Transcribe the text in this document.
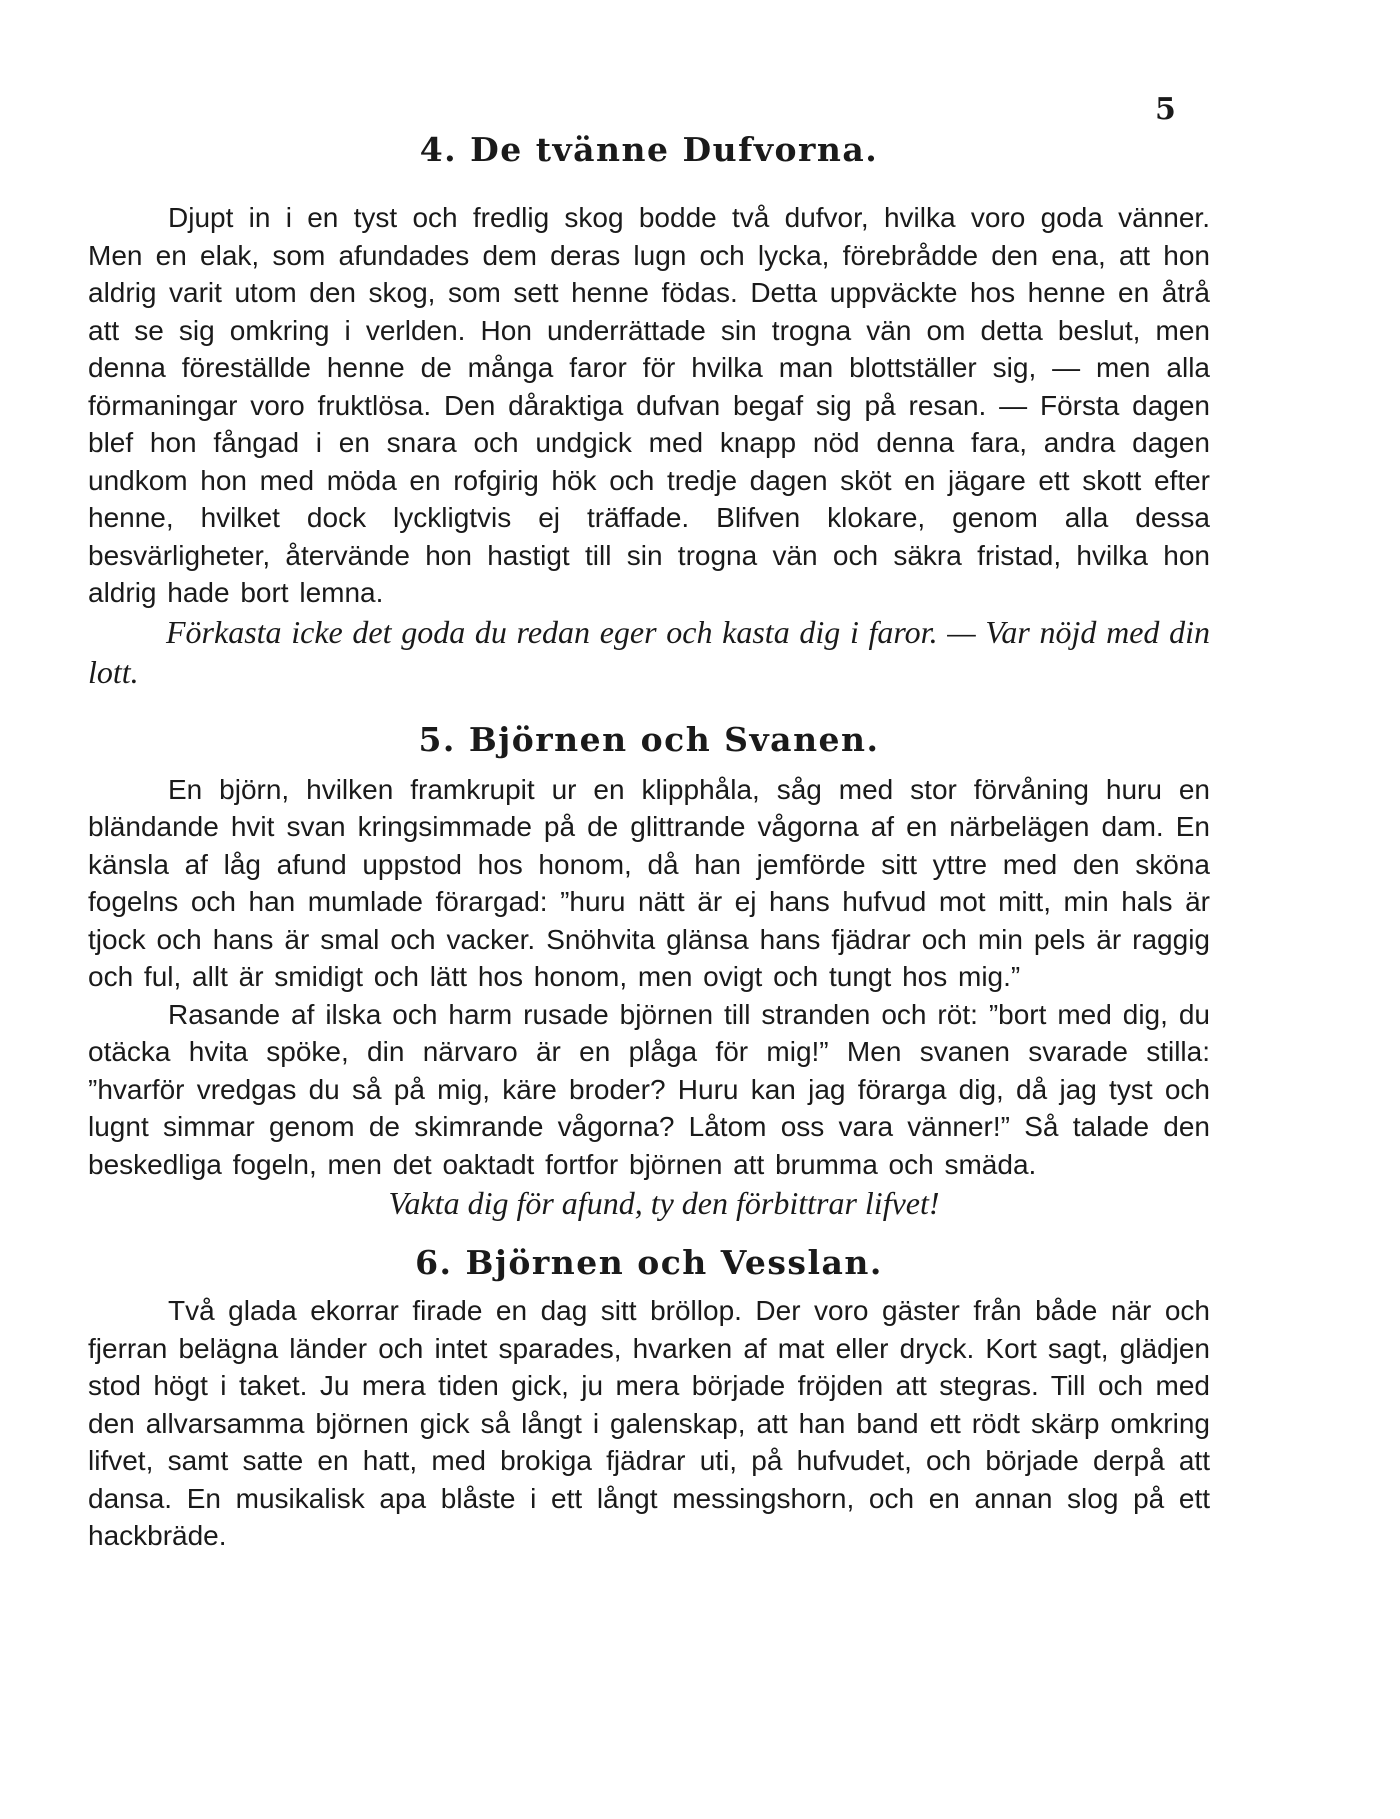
5
4. De tvänne Dufvorna.

Djupt in i en tyst och fredlig skog bodde två dufvor, hvilka voro goda vänner. Men en elak, som afundades dem deras lugn och lycka, förebrådde den ena, att hon aldrig varit utom den skog, som sett henne födas. Detta uppväckte hos henne en åtrå att se sig omkring i verlden. Hon underrättade sin trogna vän om detta beslut, men denna föreställde henne de många faror för hvilka man blottställer sig, — men alla förmaningar voro fruktlösa. Den dåraktiga dufvan begaf sig på resan. — Första dagen blef hon fångad i en snara och undgick med knapp nöd denna fara, andra dagen undkom hon med möda en rofgirig hök och tredje dagen sköt en jägare ett skott efter henne, hvilket dock lyckligtvis ej träffade. Blifven klokare, genom alla dessa besvärligheter, återvände hon hastigt till sin trogna vän och säkra fristad, hvilka hon aldrig hade bort lemna.

Förkasta icke det goda du redan eger och kasta dig i faror. — Var nöjd med din lott.

5. Björnen och Svanen.

En björn, hvilken framkrupit ur en klipphåla, såg med stor förvåning huru en bländande hvit svan kringsimmade på de glittrande vågorna af en närbelägen dam. En känsla af låg afund uppstod hos honom, då han jemförde sitt yttre med den sköna fogelns och han mumlade förargad: ”huru nätt är ej hans hufvud mot mitt, min hals är tjock och hans är smal och vacker. Snöhvita glänsa hans fjädrar och min pels är raggig och ful, allt är smidigt och lätt hos honom, men ovigt och tungt hos mig.”

Rasande af ilska och harm rusade björnen till stranden och röt: ”bort med dig, du otäcka hvita spöke, din närvaro är en plåga för mig!” Men svanen svarade stilla: ”hvarför vredgas du så på mig, käre broder? Huru kan jag förarga dig, då jag tyst och lugnt simmar genom de skimrande vågorna? Låtom oss vara vänner!” Så talade den beskedliga fogeln, men det oaktadt fortfor björnen att brumma och smäda.

Vakta dig för afund, ty den förbittrar lifvet!

6. Björnen och Vesslan.

Två glada ekorrar firade en dag sitt bröllop. Der voro gäster från både när och fjerran belägna länder och intet sparades, hvarken af mat eller dryck. Kort sagt, glädjen stod högt i taket. Ju mera tiden gick, ju mera började fröjden att stegras. Till och med den allvarsamma björnen gick så långt i galenskap, att han band ett rödt skärp omkring lifvet, samt satte en hatt, med brokiga fjädrar uti, på hufvudet, och började derpå att dansa. En musikalisk apa blåste i ett långt messingshorn, och en annan slog på ett hackbräde.
